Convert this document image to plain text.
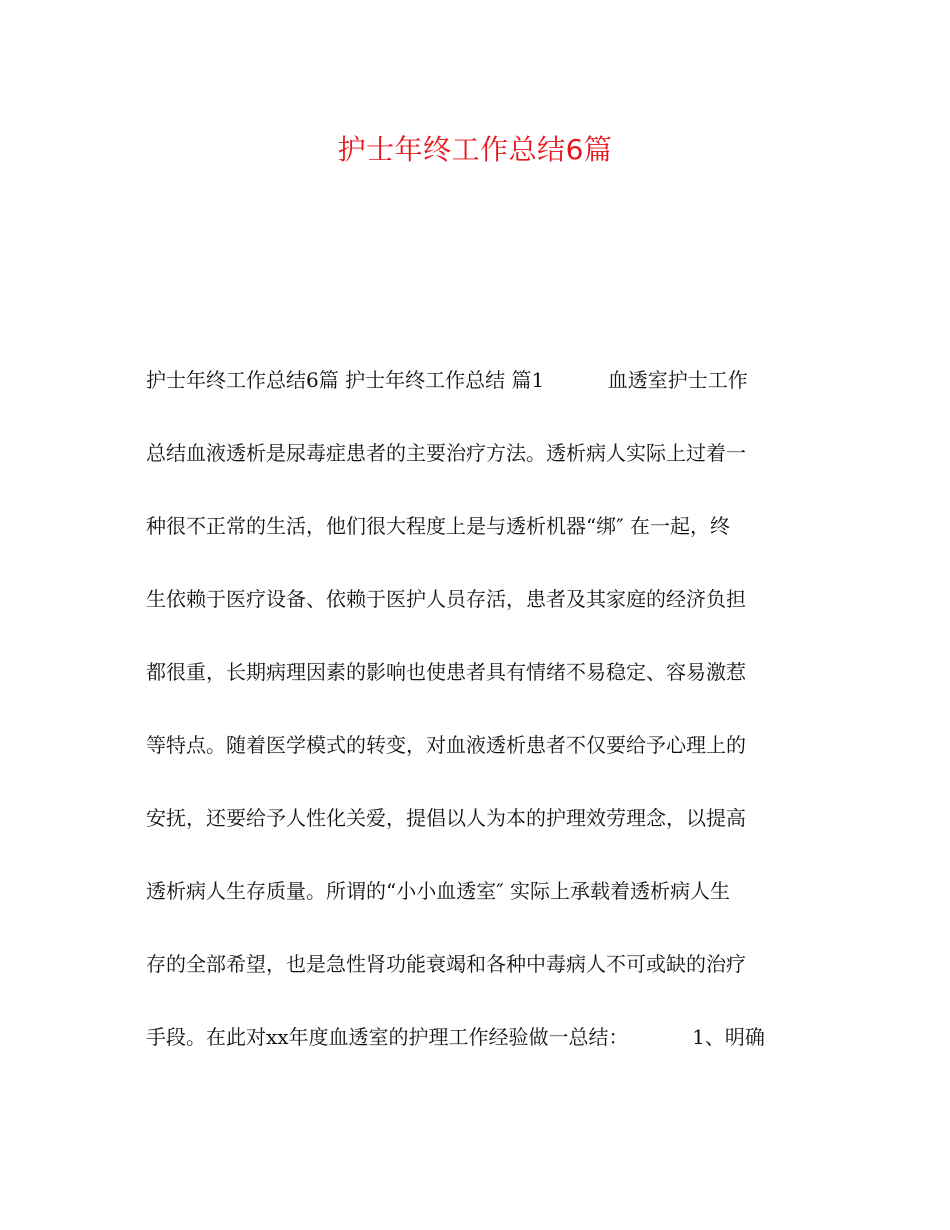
护士年终工作总结6篇
护士年终工作总结6篇 护士年终工作总结 篇1          血透室护士工作
总结血液透析是尿毒症患者的主要治疗方法。透析病人实际上过着一
种很不正常的生活，他们很大程度上是与透析机器“绑″ 在一起，终
生依赖于医疗设备、依赖于医护人员存活，患者及其家庭的经济负担
都很重，长期病理因素的影响也使患者具有情绪不易稳定、容易激惹
等特点。随着医学模式的转变，对血液透析患者不仅要给予心理上的
安抚，还要给予人性化关爱，提倡以人为本的护理效劳理念，以提高
透析病人生存质量。所谓的“小小血透室″ 实际上承载着透析病人生
存的全部希望，也是急性肾功能衰竭和各种中毒病人不可或缺的治疗
手段。在此对xx年度血透室的护理工作经验做一总结：          1、明确
